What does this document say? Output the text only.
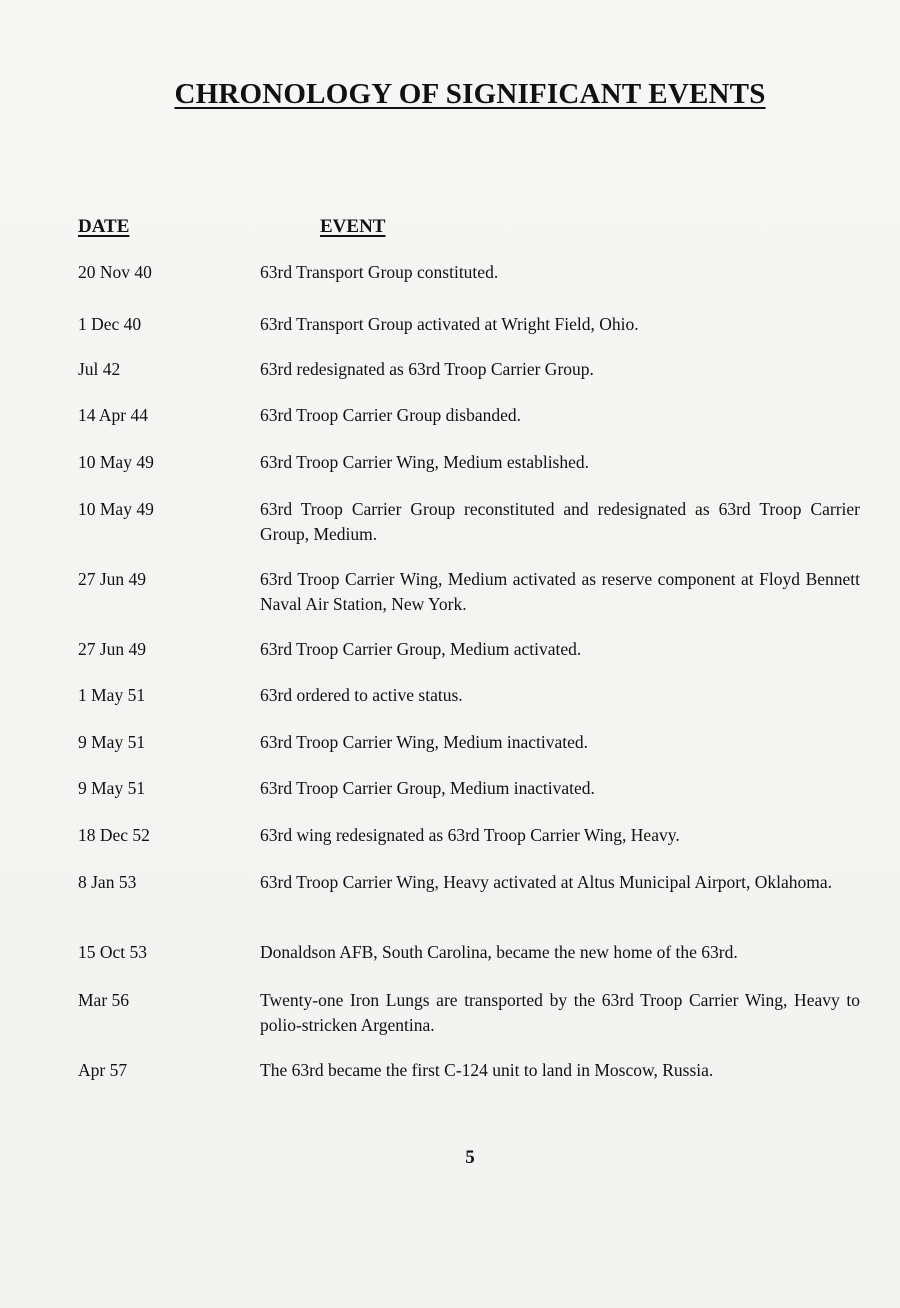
CHRONOLOGY OF SIGNIFICANT EVENTS
DATE	EVENT
20 Nov 40	63rd Transport Group constituted.
1 Dec 40	63rd Transport Group activated at Wright Field, Ohio.
Jul 42	63rd redesignated as 63rd Troop Carrier Group.
14 Apr 44	63rd Troop Carrier Group disbanded.
10 May 49	63rd Troop Carrier Wing, Medium established.
10 May 49	63rd Troop Carrier Group reconstituted and redesignated as 63rd Troop Carrier Group, Medium.
27 Jun 49	63rd Troop Carrier Wing, Medium activated as reserve component at Floyd Bennett Naval Air Station, New York.
27 Jun 49	63rd Troop Carrier Group, Medium activated.
1 May 51	63rd ordered to active status.
9 May 51	63rd Troop Carrier Wing, Medium inactivated.
9 May 51	63rd Troop Carrier Group, Medium inactivated.
18 Dec 52	63rd wing redesignated as 63rd Troop Carrier Wing, Heavy.
8 Jan 53	63rd Troop Carrier Wing, Heavy activated at Altus Municipal Airport, Oklahoma.
15 Oct 53	Donaldson AFB, South Carolina, became the new home of the 63rd.
Mar 56	Twenty-one Iron Lungs are transported by the 63rd Troop Carrier Wing, Heavy to polio-stricken Argentina.
Apr 57	The 63rd became the first C-124 unit to land in Moscow, Russia.
5
